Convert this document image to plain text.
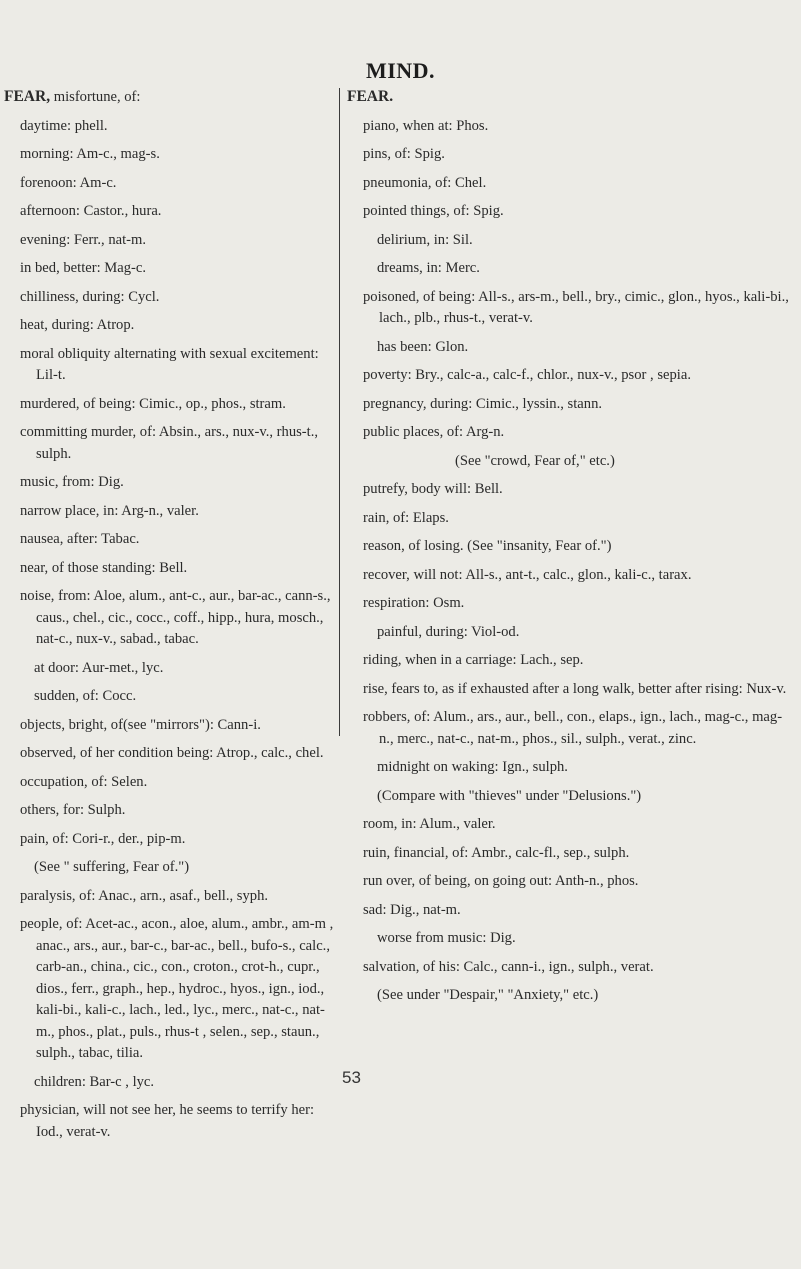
MIND.
FEAR, misfortune, of:
daytime: phell.
morning: Am-c., mag-s.
forenoon: Am-c.
afternoon: Castor., hura.
evening: Ferr., nat-m.
in bed, better: Mag-c.
chilliness, during: Cycl.
heat, during: Atrop.
moral obliquity alternating with sexual excitement: Lil-t.
murdered, of being: Cimic., op., phos., stram.
committing murder, of: Absin., ars., nux-v., rhus-t., sulph.
music, from: Dig.
narrow place, in: Arg-n., valer.
nausea, after: Tabac.
near, of those standing: Bell.
noise, from: Aloe, alum., ant-c., aur., bar-ac., cann-s., caus., chel., cic., cocc., coff., hipp., hura, mosch., nat-c., nux-v., sabad., tabac.
at door: Aur-met., lyc.
sudden, of: Cocc.
objects, bright, of(see "mirrors"): Cann-i.
observed, of her condition being: Atrop., calc., chel.
occupation, of: Selen.
others, for: Sulph.
pain, of: Cori-r., der., pip-m.
(See " suffering, Fear of.")
paralysis, of: Anac., arn., asaf., bell., syph.
people, of: Acet-ac., acon., aloe, alum., ambr., am-m , anac., ars., aur., bar-c., bar-ac., bell., bufo-s., calc., carb-an., china., cic., con., croton., crot-h., cupr., dios., ferr., graph., hep., hydroc., hyos., ign., iod., kali-bi., kali-c., lach., led., lyc., merc., nat-c., nat-m., phos., plat., puls., rhus-t , selen., sep., staun., sulph., tabac, tilia.
children: Bar-c , lyc.
physician, will not see her, he seems to terrify her: Iod., verat-v.
FEAR.
piano, when at: Phos.
pins, of: Spig.
pneumonia, of: Chel.
pointed things, of: Spig.
delirium, in: Sil.
dreams, in: Merc.
poisoned, of being: All-s., ars-m., bell., bry., cimic., glon., hyos., kali-bi., lach., plb., rhus-t., verat-v.
has been: Glon.
poverty: Bry., calc-a., calc-f., chlor., nux-v., psor , sepia.
pregnancy, during: Cimic., lyssin., stann.
public places, of: Arg-n.
(See "crowd, Fear of," etc.)
putrefy, body will: Bell.
rain, of: Elaps.
reason, of losing. (See "insanity, Fear of.")
recover, will not: All-s., ant-t., calc., glon., kali-c., tarax.
respiration: Osm.
painful, during: Viol-od.
riding, when in a carriage: Lach., sep.
rise, fears to, as if exhausted after a long walk, better after rising: Nux-v.
robbers, of: Alum., ars., aur., bell., con., elaps., ign., lach., mag-c., mag-n., merc., nat-c., nat-m., phos., sil., sulph., verat., zinc.
midnight on waking: Ign., sulph.
(Compare with "thieves" under "Delusions.")
room, in: Alum., valer.
ruin, financial, of: Ambr., calc-fl., sep., sulph.
run over, of being, on going out: Anth-n., phos.
sad: Dig., nat-m.
worse from music: Dig.
salvation, of his: Calc., cann-i., ign., sulph., verat.
(See under "Despair," "Anxiety," etc.)
53
